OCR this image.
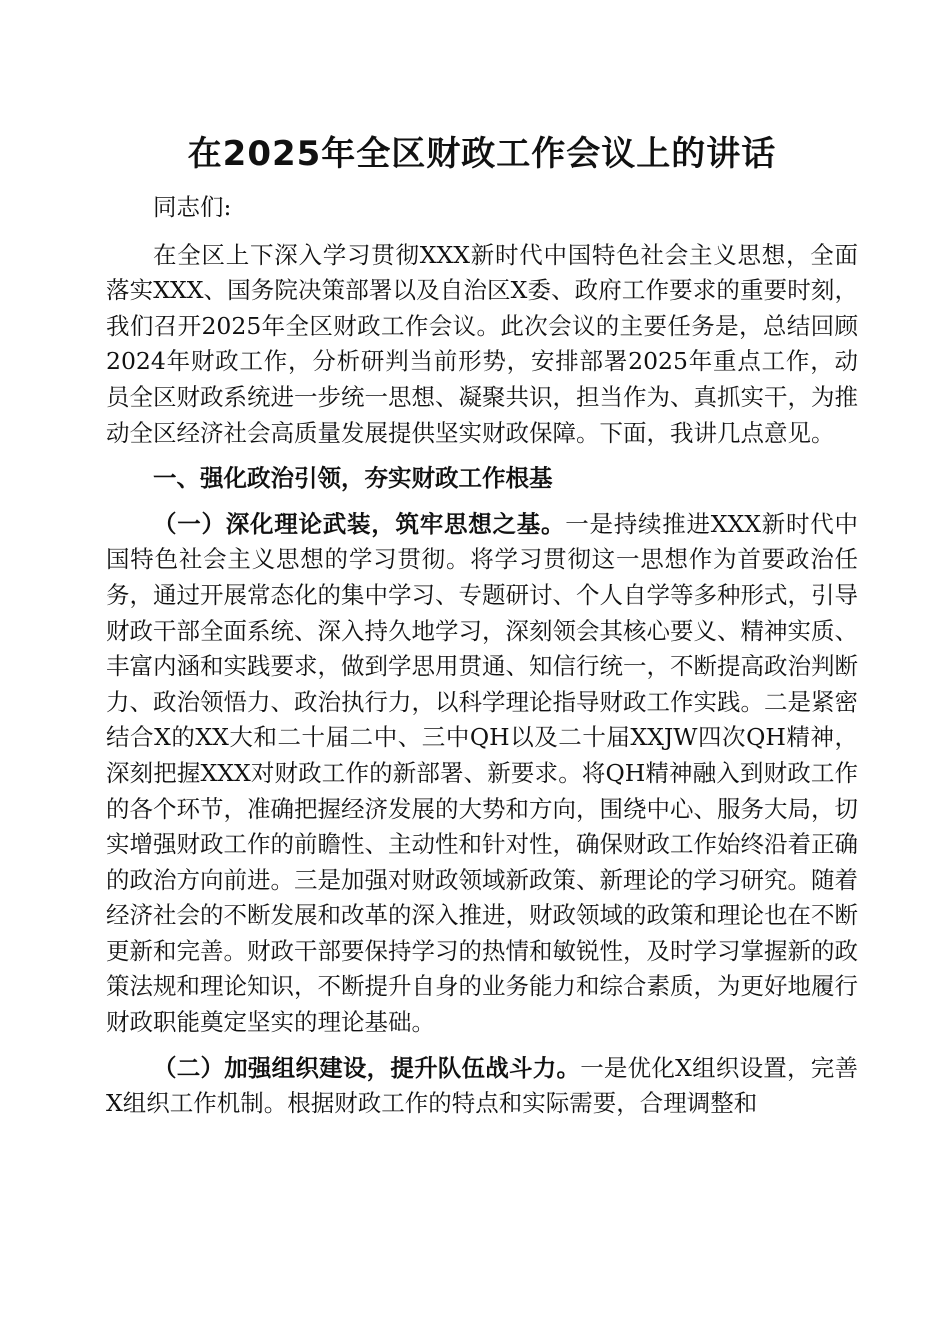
在2025年全区财政工作会议上的讲话

同志们:

在全区上下深入学习贯彻XXX新时代中国特色社会主义思想，全面落实XXX、国务院决策部署以及自治区X委、政府工作要求的重要时刻，我们召开2025年全区财政工作会议。此次会议的主要任务是，总结回顾2024年财政工作，分析研判当前形势，安排部署2025年重点工作，动员全区财政系统进一步统一思想、凝聚共识，担当作为、真抓实干，为推动全区经济社会高质量发展提供坚实财政保障。下面，我讲几点意见。

一、强化政治引领，夯实财政工作根基

（一）深化理论武装，筑牢思想之基。一是持续推进XXX新时代中国特色社会主义思想的学习贯彻。将学习贯彻这一思想作为首要政治任务，通过开展常态化的集中学习、专题研讨、个人自学等多种形式，引导财政干部全面系统、深入持久地学习，深刻领会其核心要义、精神实质、丰富内涵和实践要求，做到学思用贯通、知信行统一，不断提高政治判断力、政治领悟力、政治执行力，以科学理论指导财政工作实践。二是紧密结合X的XX大和二十届二中、三中QH以及二十届XXJW四次QH精神，深刻把握XXX对财政工作的新部署、新要求。将QH精神融入到财政工作的各个环节，准确把握经济发展的大势和方向，围绕中心、服务大局，切实增强财政工作的前瞻性、主动性和针对性，确保财政工作始终沿着正确的政治方向前进。三是加强对财政领域新政策、新理论的学习研究。随着经济社会的不断发展和改革的深入推进，财政领域的政策和理论也在不断更新和完善。财政干部要保持学习的热情和敏锐性，及时学习掌握新的政策法规和理论知识，不断提升自身的业务能力和综合素质，为更好地履行财政职能奠定坚实的理论基础。

（二）加强组织建设，提升队伍战斗力。一是优化X组织设置，完善X组织工作机制。根据财政工作的特点和实际需要，合理调整和
